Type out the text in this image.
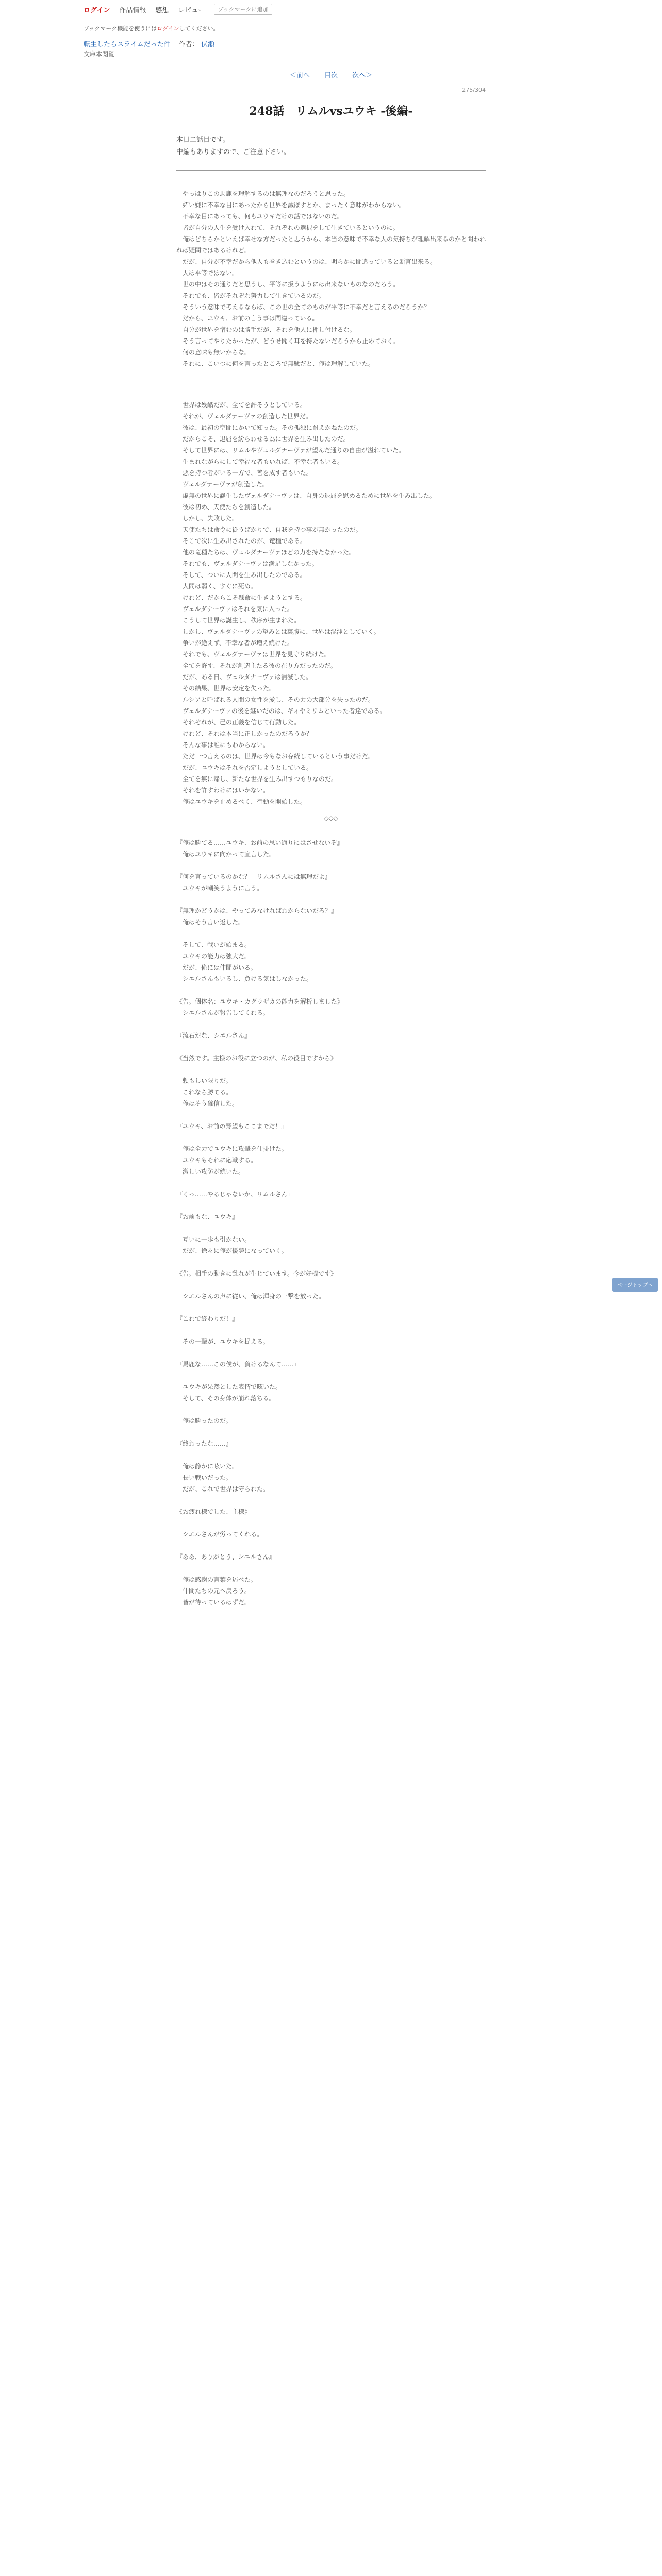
ログイン 作品情報 感想 レビュー	ブックマークに追加
ブックマーク機能を使うにはログインしてください。
転生したらスライムだった件 作者： 伏瀬
文庫本閲覧
＜前へ 目次 次へ＞
275/304
248話　リムルvsユウキ -後編-
本日二話目です。
中編もありますので、ご注意下さい。

　やっぱりこの馬鹿を理解するのは無理なのだろうと思った。

　妬い嫌に不幸な目にあったから世界を滅ぼすとか、まったく意味がわからない。

　不幸な目にあっても、何もユウキだけの話ではないのだ。

　皆が自分の人生を受け入れて、それぞれの選択をして生きているというのに。

　俺はどちらかといえば幸せな方だったと思うから、本当の意味で不幸な人の気持ちが理解出来るのかと問われれば疑問ではあるけれど。

　だが、自分が不幸だから他人も巻き込むというのは、明らかに間違っていると断言出来る。

　人は平等ではない。

　世の中はその通りだと思うし、平等に扱うようには出来ないものなのだろう。

　それでも、皆がそれぞれ努力して生きているのだ。

　そういう意味で考えるならば、この世の全てのものが平等に不幸だと言えるのだろうか？

　だから、ユウキ、お前の言う事は間違っている。

　自分が世界を憎むのは勝手だが、それを他人に押し付けるな。

　そう言ってやりたかったが、どうせ聞く耳を持たないだろうから止めておく。

　何の意味も無いからな。

　それに、こいつに何を言ったところで無駄だと、俺は理解していた。

　世界は残酷だが、全てを許そうとしている。

　それが、ヴェルダナーヴァの創造した世界だ。

　彼は、最初の空間にかいて知った。その孤独に耐えかねたのだ。

　だからこそ、退屈を紛らわせる為に世界を生み出したのだ。

　そして世界には、リムルやヴェルダナーヴァが望んだ通りの自由が溢れていた。

　生まれながらにして幸福な者もいれば、不幸な者もいる。

　悪を持つ者がいる一方で、善を成す者もいた。

　ヴェルダナーヴァが創造した。

　虚無の世界に誕生したヴェルダナーヴァは、自身の退屈を慰めるために世界を生み出した。

　彼は初め、天使たちを創造した。

　しかし、失敗した。

　天使たちは命令に従うばかりで、自我を持つ事が無かったのだ。

　そこで次に生み出されたのが、竜種である。

　他の竜種たちは、ヴェルダナーヴァほどの力を持たなかった。

　それでも、ヴェルダナーヴァは満足しなかった。

　そして、ついに人間を生み出したのである。

　人間は弱く、すぐに死ぬ。

　けれど、だからこそ懸命に生きようとする。

　ヴェルダナーヴァはそれを気に入った。

　こうして世界は誕生し、秩序が生まれた。

　しかし、ヴェルダナーヴァの望みとは裏腹に、世界は混沌としていく。

　争いが絶えず、不幸な者が増え続けた。

　それでも、ヴェルダナーヴァは世界を見守り続けた。

　全てを許す、それが創造主たる彼の在り方だったのだ。

　だが、ある日、ヴェルダナーヴァは消滅した。

　その結果、世界は安定を失った。

　ルシアと呼ばれる人間の女性を愛し、その力の大部分を失ったのだ。

　ヴェルダナーヴァの後を継いだのは、ギィやミリムといった者達である。

　それぞれが、己の正義を信じて行動した。

　けれど、それは本当に正しかったのだろうか？

　そんな事は誰にもわからない。

　ただ一つ言えるのは、世界は今もなお存続しているという事だけだ。

　だが、ユウキはそれを否定しようとしている。

　全てを無に帰し、新たな世界を生み出すつもりなのだ。

　それを許すわけにはいかない。

　俺はユウキを止めるべく、行動を開始した。

◇◇◇

『俺は勝てる……ユウキ、お前の思い通りにはさせないぞ』

　俺はユウキに向かって宣言した。

『何を言っているのかな？　リムルさんには無理だよ』

　ユウキが嘲笑うように言う。

『無理かどうかは、やってみなければわからないだろ？』

　俺はそう言い返した。

　そして、戦いが始まる。

　ユウキの能力は強大だ。

　だが、俺には仲間がいる。

　シエルさんもいるし、負ける気はしなかった。

《告。個体名：ユウキ・カグラザカの能力を解析しました》

　シエルさんが報告してくれる。

『流石だな、シエルさん』

《当然です。主様のお役に立つのが、私の役目ですから》

　頼もしい限りだ。

　これなら勝てる。

　俺はそう確信した。

『ユウキ、お前の野望もここまでだ！』

　俺は全力でユウキに攻撃を仕掛けた。

　ユウキもそれに応戦する。

　激しい攻防が続いた。

『くっ……やるじゃないか、リムルさん』

『お前もな、ユウキ』

　互いに一歩も引かない。

　だが、徐々に俺が優勢になっていく。

《告。相手の動きに乱れが生じています。今が好機です》

　シエルさんの声に従い、俺は渾身の一撃を放った。

『これで終わりだ！』

　その一撃が、ユウキを捉える。

『馬鹿な……この僕が、負けるなんて……』

　ユウキが呆然とした表情で呟いた。

　そして、その身体が崩れ落ちる。

　俺は勝ったのだ。

『終わったな……』

　俺は静かに呟いた。

　長い戦いだった。

　だが、これで世界は守られた。

《お疲れ様でした、主様》

　シエルさんが労ってくれる。

『ああ、ありがとう、シエルさん』

　俺は感謝の言葉を述べた。

　仲間たちの元へ戻ろう。

　皆が待っているはずだ。

ページトップへ
